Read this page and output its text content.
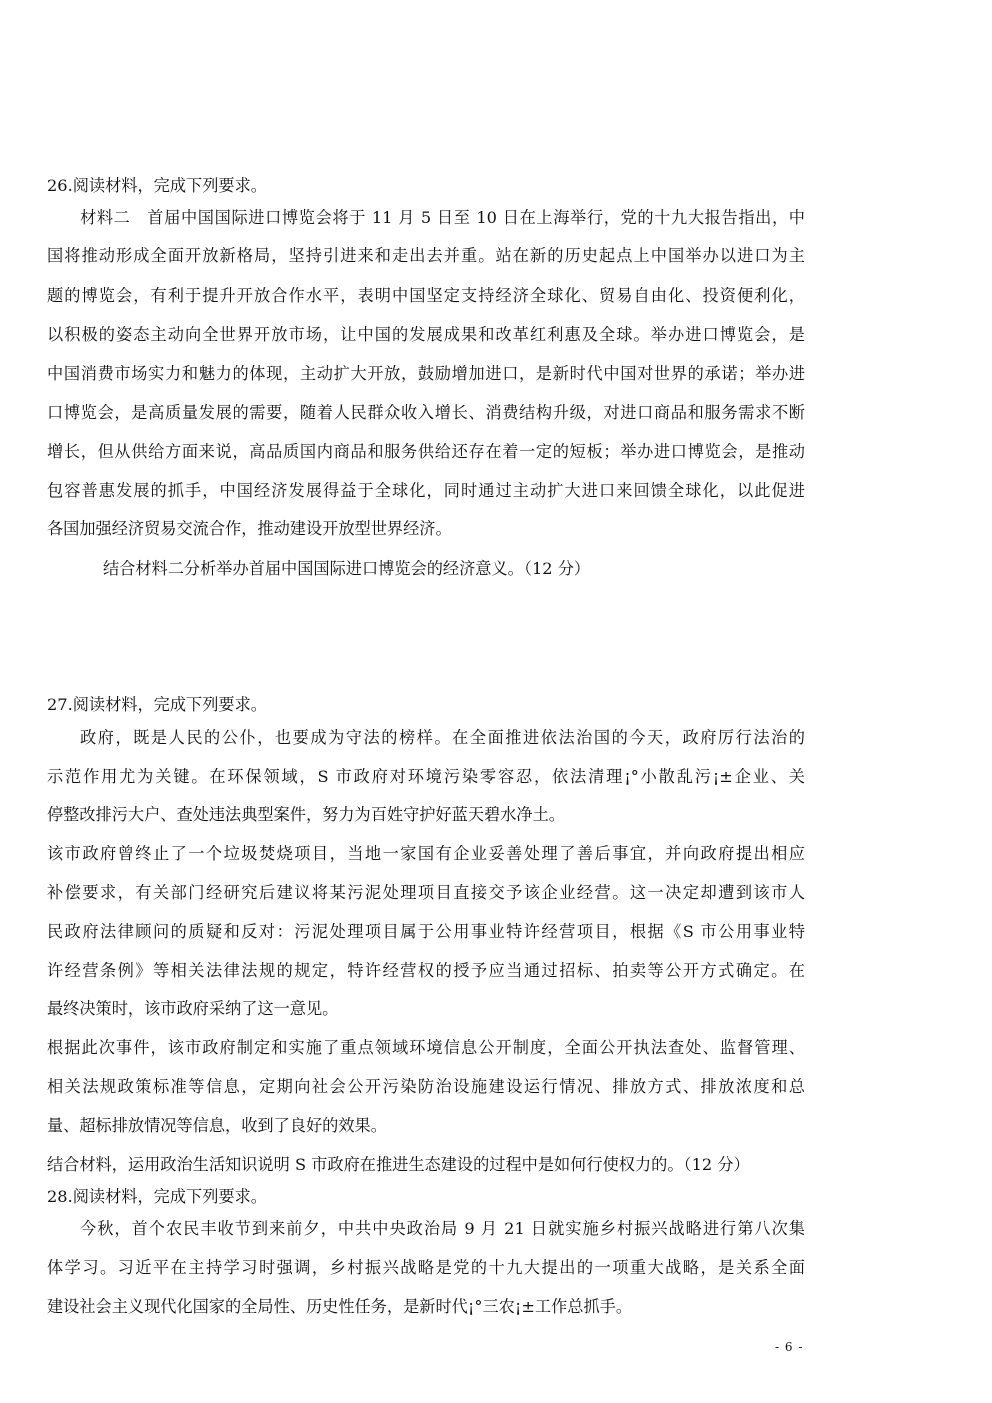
26.阅读材料，完成下列要求。
材料二　首届中国国际进口博览会将于 11 月 5 日至 10 日在上海举行，党的十九大报告指出，中
国将推动形成全面开放新格局，坚持引进来和走出去并重。站在新的历史起点上中国举办以进口为主
题的博览会，有利于提升开放合作水平，表明中国坚定支持经济全球化、贸易自由化、投资便利化，
以积极的姿态主动向全世界开放市场，让中国的发展成果和改革红利惠及全球。举办进口博览会，是
中国消费市场实力和魅力的体现，主动扩大开放，鼓励增加进口，是新时代中国对世界的承诺；举办进
口博览会，是高质量发展的需要，随着人民群众收入增长、消费结构升级，对进口商品和服务需求不断
增长，但从供给方面来说，高品质国内商品和服务供给还存在着一定的短板；举办进口博览会，是推动
包容普惠发展的抓手，中国经济发展得益于全球化，同时通过主动扩大进口来回馈全球化，以此促进
各国加强经济贸易交流合作，推动建设开放型世界经济。
结合材料二分析举办首届中国国际进口博览会的经济意义。（12 分）
27.阅读材料，完成下列要求。
政府，既是人民的公仆，也要成为守法的榜样。在全面推进依法治国的今天，政府厉行法治的
示范作用尤为关键。在环保领域，S 市政府对环境污染零容忍，依法清理¡°小散乱污¡±企业、关
停整改排污大户、查处违法典型案件，努力为百姓守护好蓝天碧水净土。
该市政府曾终止了一个垃圾焚烧项目，当地一家国有企业妥善处理了善后事宜，并向政府提出相应
补偿要求，有关部门经研究后建议将某污泥处理项目直接交予该企业经营。这一决定却遭到该市人
民政府法律顾问的质疑和反对：污泥处理项目属于公用事业特许经营项目，根据《S 市公用事业特
许经营条例》等相关法律法规的规定，特许经营权的授予应当通过招标、拍卖等公开方式确定。在
最终决策时，该市政府采纳了这一意见。
根据此次事件，该市政府制定和实施了重点领域环境信息公开制度，全面公开执法查处、监督管理、
相关法规政策标准等信息，定期向社会公开污染防治设施建设运行情况、排放方式、排放浓度和总
量、超标排放情况等信息，收到了良好的效果。
结合材料，运用政治生活知识说明 S 市政府在推进生态建设的过程中是如何行使权力的。（12 分）
28.阅读材料，完成下列要求。
今秋，首个农民丰收节到来前夕，中共中央政治局 9 月 21 日就实施乡村振兴战略进行第八次集
体学习。习近平在主持学习时强调，乡村振兴战略是党的十九大提出的一项重大战略，是关系全面
建设社会主义现代化国家的全局性、历史性任务，是新时代¡°三农¡±工作总抓手。
- 6 -
